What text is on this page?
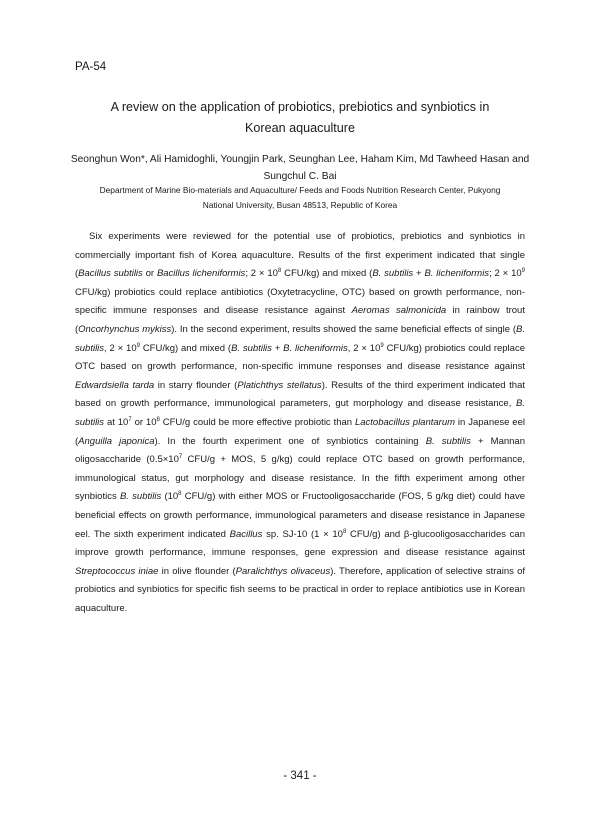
PA-54
A review on the application of probiotics, prebiotics and synbiotics in
Korean aquaculture
Seonghun Won*, Ali Hamidoghli, Youngjin Park, Seunghan Lee, Haham Kim, Md Tawheed Hasan and
Sungchul C. Bai
Department of Marine Bio-materials and Aquaculture/ Feeds and Foods Nutrition Research Center, Pukyong
National University, Busan 48513, Republic of Korea

Six experiments were reviewed for the potential use of probiotics, prebiotics and synbiotics in commercially important fish of Korea aquaculture. Results of the first experiment indicated that single (Bacillus subtilis or Bacillus licheniformis; $2 \times 10^8$ CFU/kg) and mixed (B. subtilis + B. licheniformis; $2 \times 10^9$ CFU/kg) probiotics could replace antibiotics (Oxytetracycline, OTC) based on growth performance, non-specific immune responses and disease resistance against Aeromas salmonicida in rainbow trout (Oncorhynchus mykiss). In the second experiment, results showed the same beneficial effects of single (B. subtilis, $2 \times 10^9$ CFU/kg) and mixed (B. subtilis + B. licheniformis, $2 \times 10^9$ CFU/kg) probiotics could replace OTC based on growth performance, non-specific immune responses and disease resistance against Edwardsiella tarda in starry flounder (Platichthys stellatus). Results of the third experiment indicated that based on growth performance, immunological parameters, gut morphology and disease resistance, B. subtilis at $10^7$ or $10^8$ CFU/g could be more effective probiotic than Lactobacillus plantarum in Japanese eel (Anguilla japonica). In the fourth experiment one of synbiotics containing B. subtilis + Mannan oligosaccharide ($0.5\times 10^7$ CFU/g + MOS, 5 g/kg) could replace OTC based on growth performance, immunological status, gut morphology and disease resistance. In the fifth experiment among other synbiotics B. subtilis ($10^8$ CFU/g) with either MOS or Fructooligosaccharide (FOS, 5 g/kg diet) could have beneficial effects on growth performance, immunological parameters and disease resistance in Japanese eel. The sixth experiment indicated Bacillus sp. SJ-10 ($1 \times 10^8$ CFU/g) and β-glucooligosaccharides can improve growth performance, immune responses, gene expression and disease resistance against Streptococcus iniae in olive flounder (Paralichthys olivaceus). Therefore, application of selective strains of probiotics and synbiotics for specific fish seems to be practical in order to replace antibiotics use in Korean aquaculture.

- 341 -
